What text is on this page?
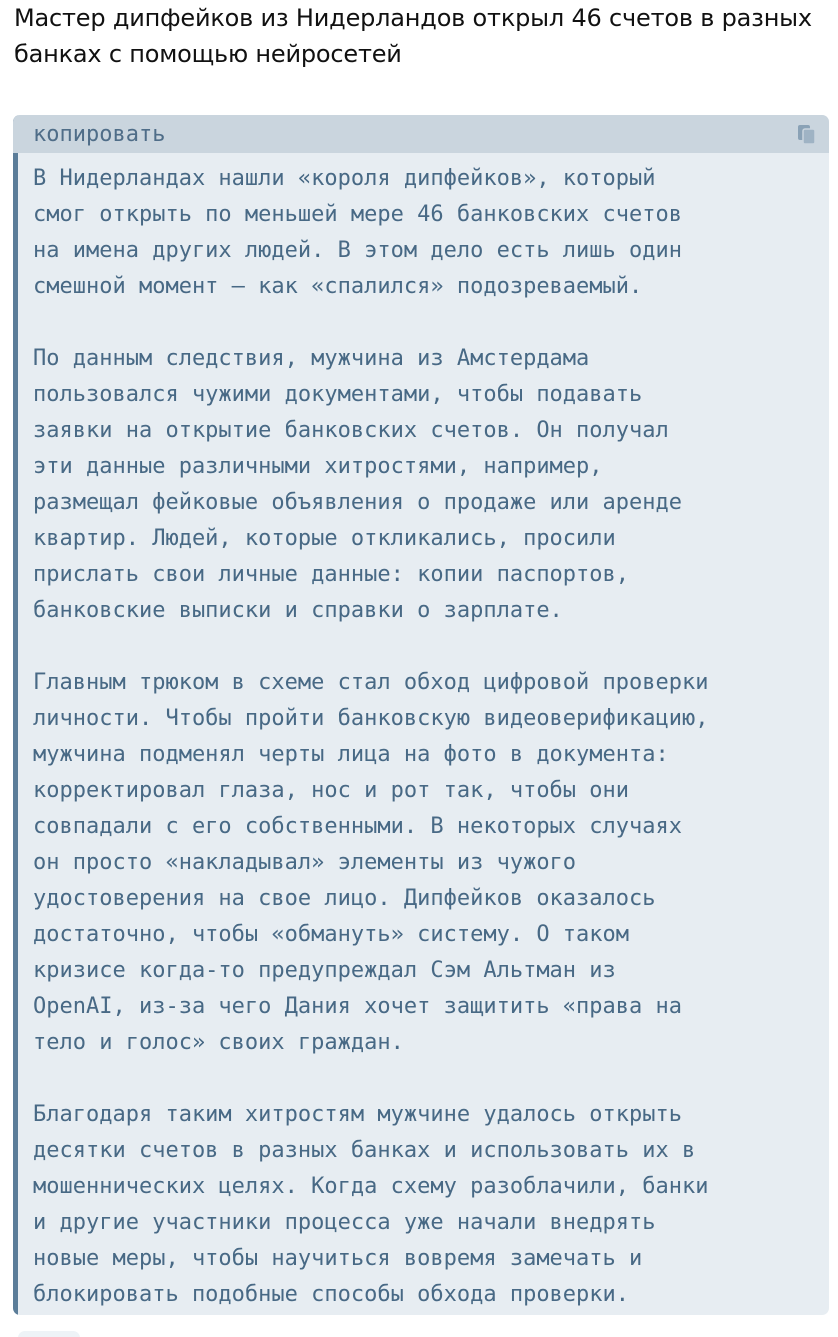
Мастер дипфейков из Нидерландов открыл 46 счетов в разных
банках с помощью нейросетей
копировать
В Нидерландах нашли «короля дипфейков», который
смог открыть по меньшей мере 46 банковских счетов
на имена других людей. В этом дело есть лишь один
смешной момент — как «спалился» подозреваемый.

По данным следствия, мужчина из Амстердама
пользовался чужими документами, чтобы подавать
заявки на открытие банковских счетов. Он получал
эти данные различными хитростями, например,
размещал фейковые объявления о продаже или аренде
квартир. Людей, которые откликались, просили
прислать свои личные данные: копии паспортов,
банковские выписки и справки о зарплате.

Главным трюком в схеме стал обход цифровой проверки
личности. Чтобы пройти банковскую видеоверификацию,
мужчина подменял черты лица на фото в документа:
корректировал глаза, нос и рот так, чтобы они
совпадали с его собственными. В некоторых случаях
он просто «накладывал» элементы из чужого
удостоверения на свое лицо. Дипфейков оказалось
достаточно, чтобы «обмануть» систему. О таком
кризисе когда-то предупреждал Сэм Альтман из
OpenAI, из-за чего Дания хочет защитить «права на
тело и голос» своих граждан.

Благодаря таким хитростям мужчине удалось открыть
десятки счетов в разных банках и использовать их в
мошеннических целях. Когда схему разоблачили, банки
и другие участники процесса уже начали внедрять
новые меры, чтобы научиться вовремя замечать и
блокировать подобные способы обхода проверки.
